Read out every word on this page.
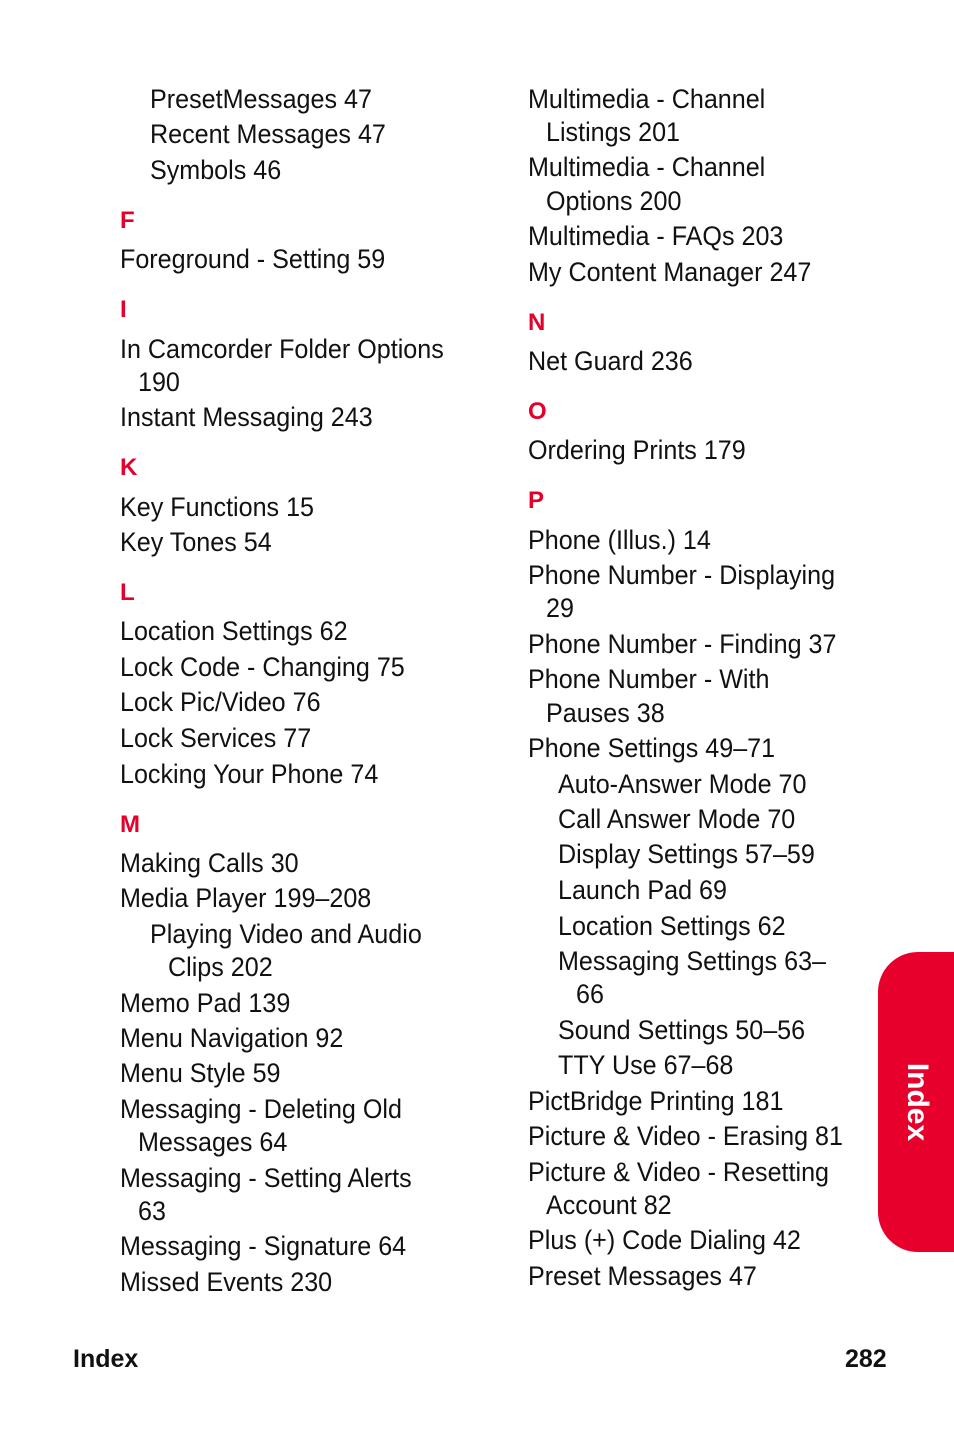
PresetMessages 47
Recent Messages 47
Symbols 46
F
Foreground - Setting 59
I
In Camcorder Folder Options
190
Instant Messaging 243
K
Key Functions 15
Key Tones 54
L
Location Settings 62
Lock Code - Changing 75
Lock Pic/Video 76
Lock Services 77
Locking Your Phone 74
M
Making Calls 30
Media Player 199–208
Playing Video and Audio
Clips 202
Memo Pad 139
Menu Navigation 92
Menu Style 59
Messaging - Deleting Old
Messages 64
Messaging - Setting Alerts
63
Messaging - Signature 64
Missed Events 230
Multimedia - Channel
Listings 201
Multimedia - Channel
Options 200
Multimedia - FAQs 203
My Content Manager 247
N
Net Guard 236
O
Ordering Prints 179
P
Phone (Illus.) 14
Phone Number - Displaying
29
Phone Number - Finding 37
Phone Number - With
Pauses 38
Phone Settings 49–71
Auto-Answer Mode 70
Call Answer Mode 70
Display Settings 57–59
Launch Pad 69
Location Settings 62
Messaging Settings 63–
66
Sound Settings 50–56
TTY Use 67–68
PictBridge Printing 181
Picture & Video - Erasing 81
Picture & Video - Resetting
Account 82
Plus (+) Code Dialing 42
Preset Messages 47
Index
Index	282
